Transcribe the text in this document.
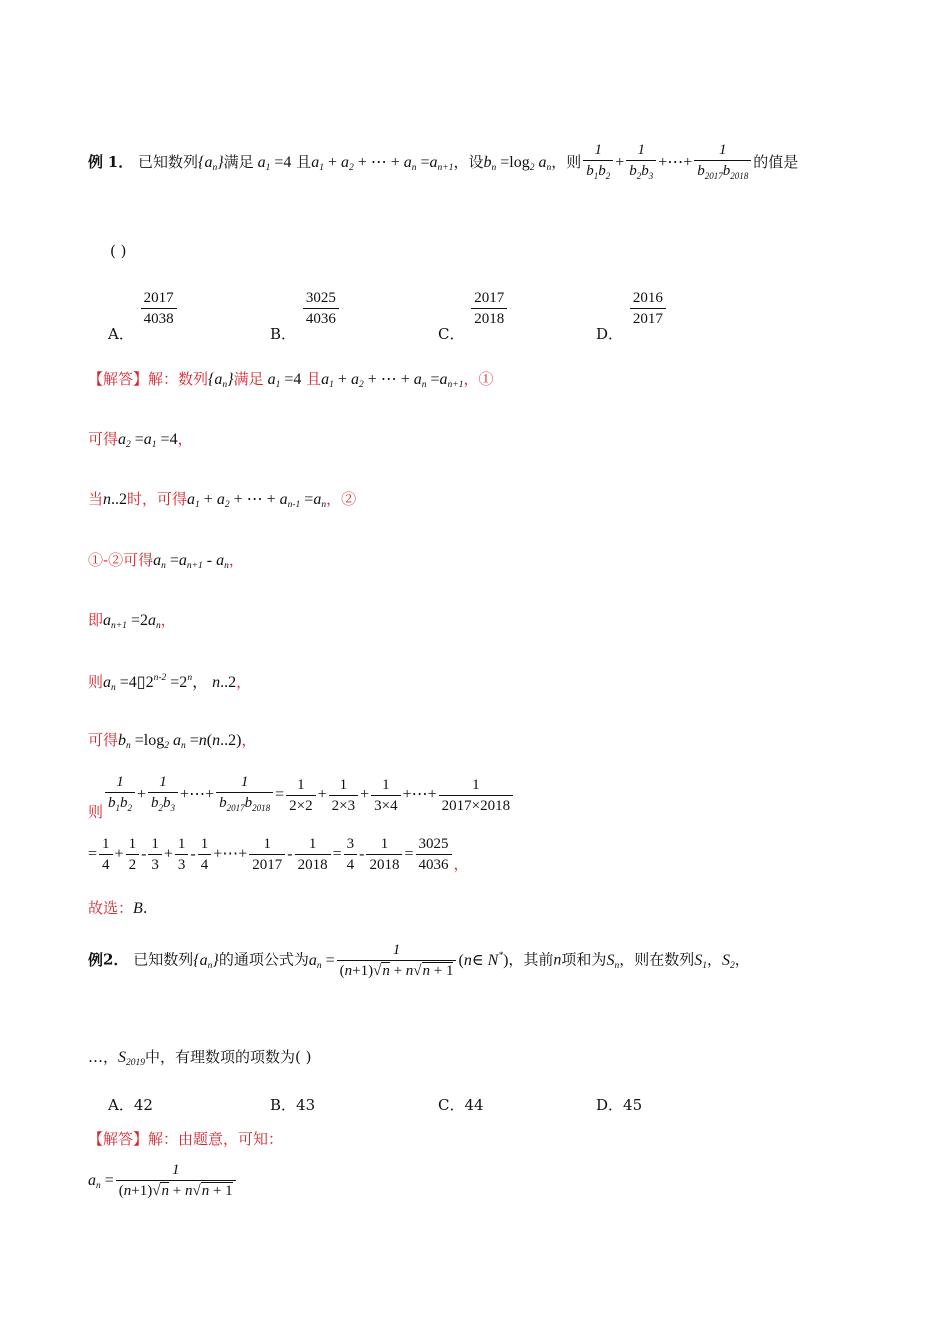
例 1． 已知数列$\{a_n\}$满足 $a_1 =4$ 且$a_1 + a_2$ + ⋯ + $a_n =a_{n+1}$，设$b_n =\log_2$ $a_n$，则 $\frac{1}{b_1b_2} + \frac{1}{b_2b_3}$ +⋯+ $\frac{1}{b_{2017}b_{2018}}$ 的值是
( )
A．
$\frac{2017}{4038}$
B．
$\frac{3025}{4036}$
C．
$\frac{2017}{2018}$
D．
$\frac{2016}{2017}$
【解答】解：数列$\{a_n\}$满足 $a_1 =4$ 且$a_1 + a_2$ + ⋯ + $a_n =a_{n+1}$，①
可得$a_2 =a_1 =4$，
当n..2时，可得$a_1 + a_2$ + ⋯ + $a_{n-1} =a_n$，②
①-②可得$a_n =a_{n+1} - a_n$，
即$a_{n+1} =2a_n$，
则$a_n$ $=4▯2^{n-2} =2^n$， n..2，
可得$b_n =\log_2$ $a_n =n(n..2)$，
则 $\frac{1}{b_1b_2} + \frac{1}{b_2b_3}$ +⋯+ $\frac{1}{b_{2017}b_{2018}} = \frac{1}{2\times 2} + \frac{1}{2\times 3} + \frac{1}{3\times 4}$ +⋯+ $\frac{1}{2017\times 2018}$
= $\frac{1}{4} + \frac{1}{2} - \frac{1}{3} + \frac{1}{3} - \frac{1}{4}$ +⋯+ $\frac{1}{2017} - \frac{1}{2018} = \frac{3}{4} - \frac{1}{2018} = \frac{3025}{4036}$ ，
故选：B.
例2． 已知数列$\{a_n\}$的通项公式为$a_n = \frac{1}{(n+1)√n + n√n + 1}$ (n∈ N*)，其前n项和为$S_n$，则在数列$S_1$，$S_2$，
…，$S_{2019}$中，有理数项的项数为( )
A．42	B．43	C．44	D．45
【解答】解：由题意，可知：
$a_n = \frac{1}{(n+1)√n + n√n + 1}$
